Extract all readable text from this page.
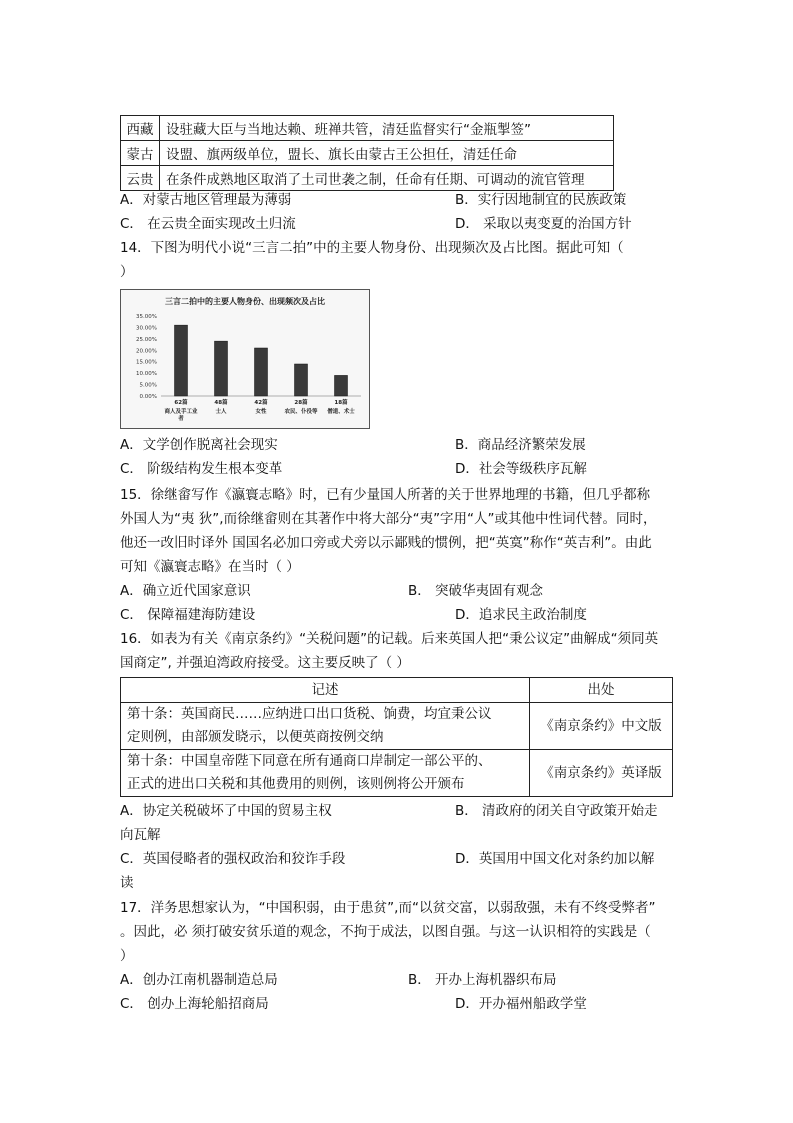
西藏	设驻藏大臣与当地达赖、班禅共管，清廷监督实行“金瓶掣签”
蒙古	设盟、旗两级单位，盟长、旗长由蒙古王公担任，清廷任命
云贵	在条件成熟地区取消了土司世袭之制，任命有任期、可调动的流官管理
A．对蒙古地区管理最为薄弱	B．实行因地制宜的民族政策
C． 在云贵全面实现改土归流	D． 采取以夷变夏的治国方针
14．下图为明代小说“三言二拍”中的主要人物身份、出现频次及占比图。据此可知（
）
三言二拍中的主要人物身份、出现频次及占比
35.00%
30.00%
25.00%
20.00%
15.00%
10.00%
5.00%
0.00%
62篇
商人及手工业
者
48篇
士人
42篇
女性
28篇
农民、仆役等
18篇
僧道、术士
A．文学创作脱离社会现实	B．商品经济繁荣发展
C． 阶级结构发生根本变革	D．社会等级秩序瓦解
15．徐继畲写作《瀛寰志略》时，已有少量国人所著的关于世界地理的书籍，但几乎都称
外国人为“夷 狄”,而徐继畲则在其著作中将大部分“夷”字用“人”或其他中性词代替。同时，
他还一改旧时译外 国国名必加口旁或犬旁以示鄙贱的惯例，把“英寞”称作“英吉利”。由此
可知《瀛寰志略》在当时（ ）
A．确立近代国家意识	B． 突破华夷固有观念
C． 保障福建海防建设	D．追求民主政治制度
16．如表为有关《南京条约》“关税问题”的记载。后来英国人把“秉公议定”曲解成“须同英
国商定”, 并强迫湾政府接受。这主要反映了（ ）
记述	出处

第十条：英国商民……应纳进口出口货税、饷费，均宜秉公议
定则例，由部颁发晓示，以便英商按例交纳	《南京条约》中文版

第十条：中国皇帝陛下同意在所有通商口岸制定一部公平的、
正式的进出口关税和其他费用的则例，该则例将公开颁布	《南京条约》英译版
A．协定关税破坏了中国的贸易主权	B． 清政府的闭关自守政策开始走
向瓦解
C．英国侵略者的强权政治和狡诈手段	D．英国用中国文化对条约加以解
读
17．洋务思想家认为，“中国积弱，由于患贫”,而“以贫交富，以弱敌强，未有不终受弊者”
。因此，必 须打破安贫乐道的观念，不拘于成法，以图自强。与这一认识相符的实践是（
）
A．创办江南机器制造总局	B． 开办上海机器织布局
C． 创办上海轮船招商局	D．开办福州船政学堂
